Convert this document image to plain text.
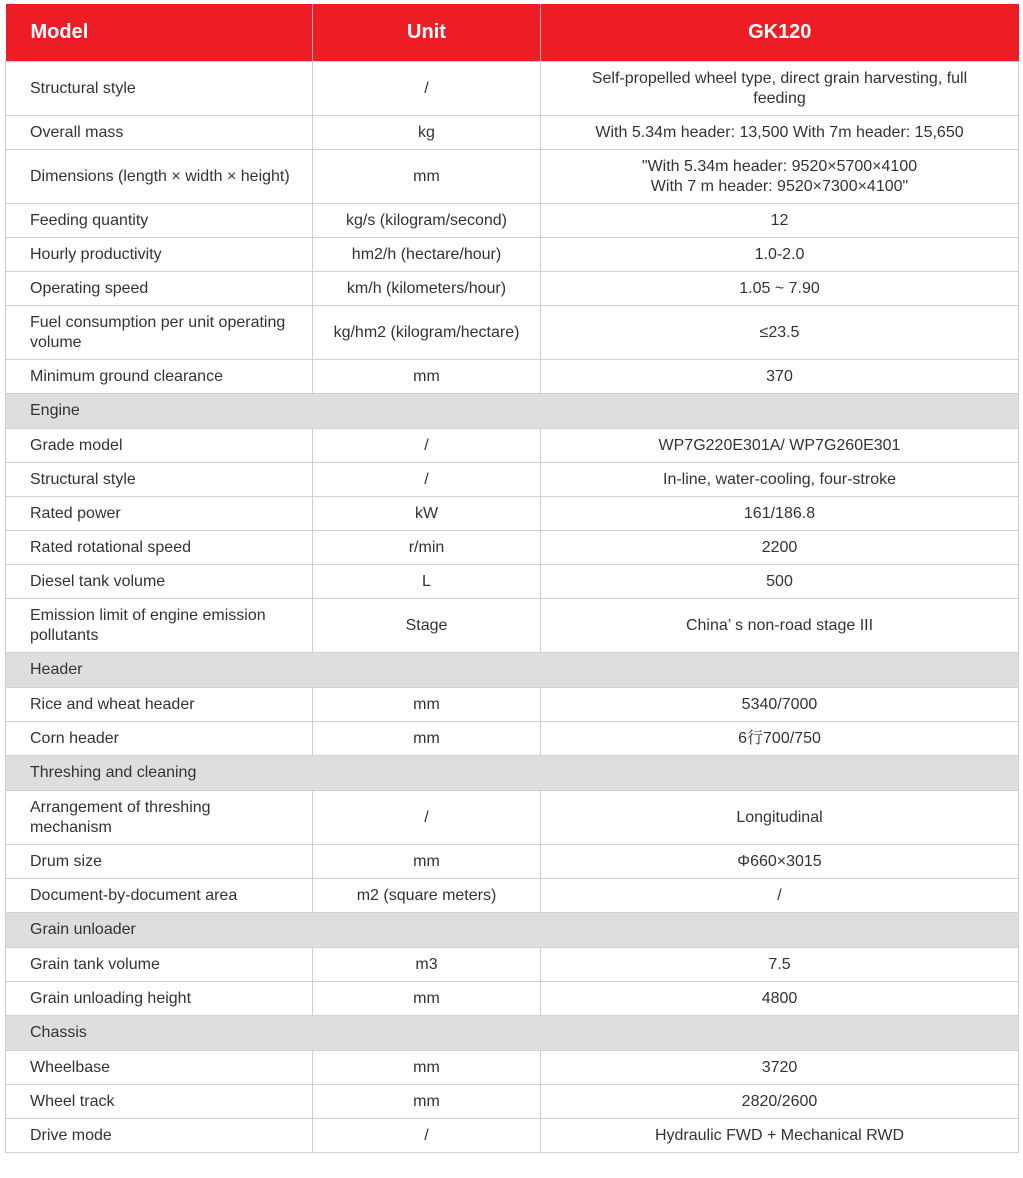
Model	Unit	GK120
Structural style	/	Self-propelled wheel type, direct grain harvesting, full
feeding

Overall mass	kg	With 5.34m header: 13,500 With 7m header: 15,650

Dimensions (length × width × height)	mm	"With 5.34m header: 9520×5700×4100
With 7 m header: 9520×7300×4100"

Feeding quantity	kg/s (kilogram/second)	12

Hourly productivity	hm2/h (hectare/hour)	1.0-2.0

Operating speed	km/h (kilometers/hour)	1.05 ~ 7.90

Fuel consumption per unit operating volume	kg/hm2 (kilogram/hectare)	≤23.5

Minimum ground clearance	mm	370

Engine		
Grade model	/	WP7G220E301A/ WP7G260E301

Structural style	/	In-line, water-cooling, four-stroke

Rated power	kW	161/186.8

Rated rotational speed	r/min	2200

Diesel tank volume	L	500

Emission limit of engine emission pollutants	Stage	China’ s non-road stage III

Header		
Rice and wheat header	mm	5340/7000

Corn header	mm	6行700/750

Threshing and cleaning		
Arrangement of threshing mechanism	/	Longitudinal

Drum size	mm	Φ660×3015

Document-by-document area	m2 (square meters)	/

Grain unloader		
Grain tank volume	m3	7.5

Grain unloading height	mm	4800

Chassis		
Wheelbase	mm	3720

Wheel track	mm	2820/2600

Drive mode	/	Hydraulic FWD + Mechanical RWD
